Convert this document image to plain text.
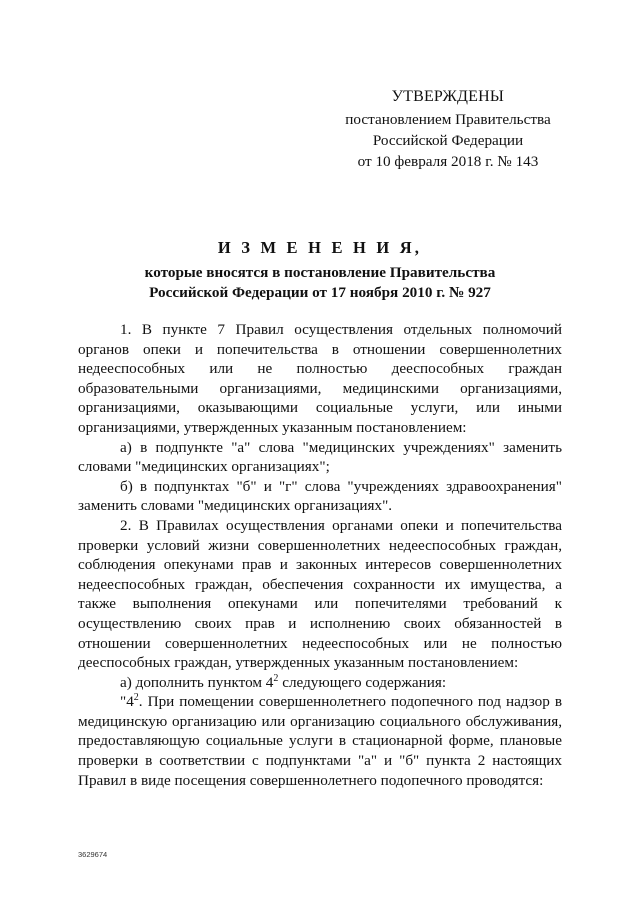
УТВЕРЖДЕНЫ
постановлением Правительства
Российской Федерации
от 10 февраля 2018 г. № 143
И З М Е Н Е Н И Я,
которые вносятся в постановление Правительства
Российской Федерации от 17 ноября 2010 г. № 927

1. В пункте 7 Правил осуществления отдельных полномочий органов опеки и попечительства в отношении совершеннолетних недееспособных или не полностью дееспособных граждан образовательными организациями, медицинскими организациями, организациями, оказывающими социальные услуги, или иными организациями, утвержденных указанным постановлением:

а) в подпункте "а" слова "медицинских учреждениях" заменить словами "медицинских организациях";

б) в подпунктах "б" и "г" слова "учреждениях здравоохранения" заменить словами "медицинских организациях".

2. В Правилах осуществления органами опеки и попечительства проверки условий жизни совершеннолетних недееспособных граждан, соблюдения опекунами прав и законных интересов совершеннолетних недееспособных граждан, обеспечения сохранности их имущества, а также выполнения опекунами или попечителями требований к осуществлению своих прав и исполнению своих обязанностей в отношении совершеннолетних недееспособных или не полностью дееспособных граждан, утвержденных указанным постановлением:

а) дополнить пунктом $4^2$ следующего содержания:

"$4^2$. При помещении совершеннолетнего подопечного под надзор в медицинскую организацию или организацию социального обслуживания, предоставляющую социальные услуги в стационарной форме, плановые проверки в соответствии с подпунктами "а" и "б" пункта 2 настоящих Правил в виде посещения совершеннолетнего подопечного проводятся:

3629674
